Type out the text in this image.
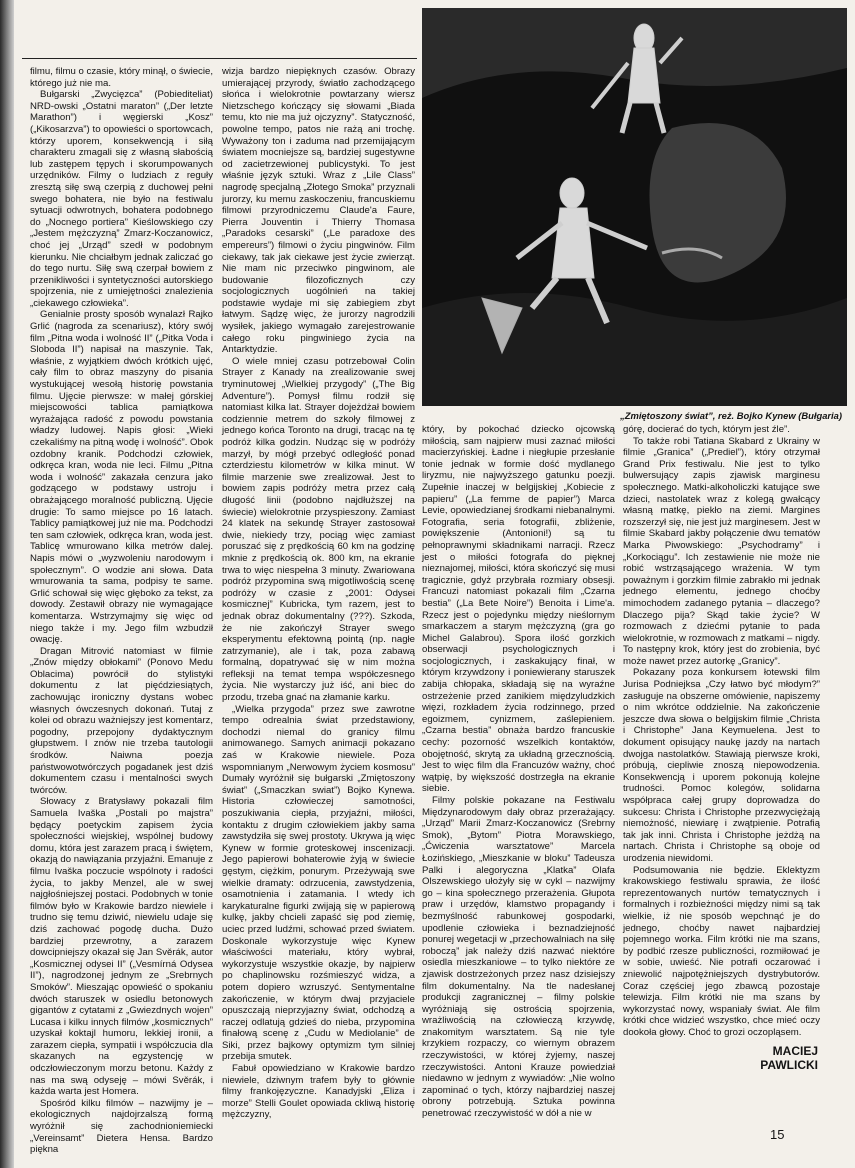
filmu, filmu o czasie, który minął, o świecie, którego już nie ma.

Bułgarski „Zwycięzca” (Pobiediteliat) NRD-owski „Ostatni maraton” („Der letzte Marathon”) i węgierski „Kosz” („Kikosarzva”) to opowieści o sportowcach, którzy uporem, konsekwencją i siłą charakteru zmagali się z własną słabością lub zastępem tępych i skorumpowanych urzędników. Filmy o ludziach z reguły zresztą siłę swą czerpią z duchowej pełni swego bohatera, nie było na festiwalu sytuacji odwrotnych, bohatera podobnego do „Nocnego portiera” Kieślowskiego czy „Jestem mężczyzną” Zmarz-Koczanowicz, choć jej „Urząd” szedł w podobnym kierunku. Nie chciałbym jednak zaliczać go do tego nurtu. Siłę swą czerpał bowiem z przenikliwości i syntetyczności autorskiego spojrzenia, nie z umiejętności znalezienia „ciekawego człowieka”.

Genialnie prosty sposób wynalazł Rajko Grlić (nagroda za scenariusz), który swój film „Pitna woda i wolność II” („Pitka Voda i Sloboda II”) napisał na maszynie. Tak, właśnie, z wyjątkiem dwóch krótkich ujęć, cały film to obraz maszyny do pisania wystukującej wesołą historię powstania filmu. Ujęcie pierwsze: w małej górskiej miejscowości tablica pamiątkowa wyrażająca radość z powodu powstania władzy ludowej. Napis głosi: „Wieki czekaliśmy na pitną wodę i wolność”. Obok ozdobny kranik. Podchodzi człowiek, odkręca kran, woda nie leci. Filmu „Pitna woda i wolność” zakazała cenzura jako godzącego w podstawy ustroju i obrażającego moralność publiczną. Ujęcie drugie: To samo miejsce po 16 latach. Tablicy pamiątkowej już nie ma. Podchodzi ten sam człowiek, odkręca kran, woda jest. Tablicę wmurowano kilka metrów dalej. Napis mówi o „wyzwoleniu narodowym i społecznym”. O wodzie ani słowa. Data wmurowania ta sama, podpisy te same. Grlić schował się więc głęboko za tekst, za dowody. Zestawił obrazy nie wymagające komentarza. Wstrzymajmy się więc od niego także i my. Jego film wzbudził owację.

Dragan Mitrović natomiast w filmie „Znów między obłokami” (Ponovo Medu Oblacima) powrócił do stylistyki dokumentu z lat pięćdziesiątych, zachowując ironiczny dystans wobec własnych ówczesnych dokonań. Tutaj z kolei od obrazu ważniejszy jest komentarz, pogodny, przepojony dydaktycznym głupstwem. I znów nie trzeba tautologii środków. Naiwna poezja państwowotwórczych pogadanek jest dziś dokumentem czasu i mentalności swych twórców.

Słowacy z Bratysławy pokazali film Samuela Ivaška „Postali po majstra” będący poetyckim zapisem życia społeczności wiejskiej, wspólnej budowy domu, która jest zarazem pracą i świętem, okazją do nawiązania przyjaźni. Emanuje z filmu Ivaška poczucie wspólnoty i radości życia, to jakby Menzel, ale w swej najgłośniejszej postaci. Podobnych w tonie filmów było w Krakowie bardzo niewiele i trudno się temu dziwić, niewielu udaje się dziś zachować pogodę ducha. Dużo bardziej przewrotny, a zarazem dowcipniejszy okazał się Jan Svěrák, autor „Kosmicznej odysei II” („Vesmírná Odysea II”), nagrodzonej jednym ze „Srebrnych Smoków”. Mieszając opowieść o spokaniu dwóch staruszek w osiedlu betonowych gigantów z cytatami z „Gwiezdnych wojen” Lucasa i kilku innych filmów „kosmicznych” uzyskał koktajl humoru, lekkiej ironii, a zarazem ciepła, sympatii i współczucia dla skazanych na egzystencję w odczłowieczonym morzu betonu. Każdy z nas ma swą odyseję – mówi Svěrák, i każda warta jest Homera.

Spośród kilku filmów – nazwijmy je – ekologicznych najdojrzalszą formą wyróżnił się zachodnioniemiecki „Vereinsamt” Dietera Hensa. Bardzo piękna

wizja bardzo niepięknych czasów. Obrazy umierającej przyrody, światło zachodzącego słońca i wielokrotnie powtarzany wiersz Nietzschego kończący się słowami „Biada temu, kto nie ma już ojczyzny”. Statyczność, powolne tempo, patos nie rażą ani trochę. Wyważony ton i zaduma nad przemijającym światem mocniejsze są, bardziej sugestywne od zacietrzewionej publicystyki. To jest właśnie język sztuki. Wraz z „Lile Class” nagrodę specjalną „Złotego Smoka” przyznali jurorzy, ku memu zaskoczeniu, francuskiemu filmowi przyrodniczemu Claude'a Faure, Pierra Jouventin i Thierry Thomasa „Paradoks cesarski” („Le paradoxe des empereurs”) filmowi o życiu pingwinów. Film ciekawy, tak jak ciekawe jest życie zwierząt. Nie mam nic przeciwko pingwinom, ale budowanie filozoficznych czy socjologicznych uogólnień na takiej podstawie wydaje mi się zabiegiem zbyt łatwym. Sądzę więc, że jurorzy nagrodzili wysiłek, jakiego wymagało zarejestrowanie całego roku pingwiniego życia na Antarktydzie.

O wiele mniej czasu potrzebował Colin Strayer z Kanady na zrealizowanie swej tryminutowej „Wielkiej przygody” („The Big Adventure”). Pomysł filmu rodził się natomiast kilka lat. Strayer dojeżdżał bowiem codziennie metrem do szkoły filmowej z jednego końca Toronto na drugi, tracąc na tę podróż kilka godzin. Nudząc się w podróży marzył, by mógł przebyć odległość ponad czterdziestu kilometrów w kilka minut. W filmie marzenie swe zrealizował. Jest to bowiem zapis podróży metra przez całą długość linii (podobno najdłuższej na świecie) wielokrotnie przyspieszony. Zamiast 24 klatek na sekundę Strayer zastosował dwie, niekiedy trzy, pociąg więc zamiast poruszać się z prędkością 60 km na godzinę mknie z prędkością ok. 800 km, na ekranie trwa to więc niespełna 3 minuty. Zwariowana podróż przypomina swą migotliwością scenę podróży w czasie z „2001: Odysei kosmicznej” Kubricka, tym razem, jest to jednak obraz dokumentalny (???). Szkoda, że nie zakończył Strayer swego eksperymentu efektowną pointą (np. nagłe zatrzymanie), ale i tak, poza zabawą formalną, dopatrywać się w nim można refleksji na temat tempa współczesnego życia. Nie wystarczy już iść, ani biec do przodu, trzeba gnać na złamanie karku.

„Wielka przygoda” przez swe zawrotne tempo odrealnia świat przedstawiony, dochodzi niemal do granicy filmu animowanego. Samych animacji pokazano zaś w Krakowie niewiele. Poza wspomnianym „Nerwowym życiem kosmosu” Dumały wyróżnił się bułgarski „Zmiętoszony świat” („Smaczkan swiat”) Bojko Kynewa. Historia człowieczej samotności, poszukiwania ciepła, przyjaźni, miłości, kontaktu z drugim człowiekiem jakby sama zawstydziła się swej prostoty. Ukrywa ją więc Kynew w formie groteskowej inscenizacji. Jego papierowi bohaterowie żyją w świecie gęstym, ciężkim, ponurym. Przeżywają swe wielkie dramaty: odrzucenia, zawstydzenia, osamotnienia i zatamania. I wtedy ich karykaturalne figurki zwijają się w papierową kulkę, jakby chcieli zapaść się pod ziemię, uciec przed ludźmi, schować przed światem. Doskonale wykorzystuje więc Kynew właściwości materiału, który wybrał, wykorzystuje wszystkie okazje, by najpierw po chaplinowsku rozśmieszyć widza, a potem dopiero wzruszyć. Sentymentalne zakończenie, w którym dwaj przyjaciele opuszczają nieprzyjazny świat, odchodzą a raczej odlatują gdzieś do nieba, przypomina finałową scenę z „Cudu w Mediolanie” de Siki, przez bajkowy optymizm tym silniej przebija smutek.

Fabuł opowiedziano w Krakowie bardzo niewiele, dziwnym trafem były to głównie filmy frankojęzyczne. Kanadyjski „Eliza i morze” Stelli Goulet opowiada ckliwą historię mężczyzny,

„Zmiętoszony świat”, reż. Bojko Kynew (Bułgaria)

który, by pokochać dziecko ojcowską miłością, sam najpierw musi zaznać miłości macierzyńskiej. Ładne i niegłupie przesłanie tonie jednak w formie dość mydlanego liryzmu, nie najwyższego gatunku poezji. Zupełnie inaczej w belgijskiej „Kobiecie z papieru” („La femme de papier”) Marca Levie, opowiedzianej środkami niebanalnymi. Fotografia, seria fotografii, zbliżenie, powiększenie (Antonioni!) są tu pełnoprawnymi składnikami narracji. Rzecz jest o miłości fotografa do pięknej nieznajomej, miłości, która skończyć się musi tragicznie, gdyż przybrała rozmiary obsesji. Francuzi natomiast pokazali film „Czarna bestia” („La Bete Noire”) Benoita i Lime'a. Rzecz jest o pojedynku między nieślornym smarkaczem a starym mężczyzną (gra go Michel Galabrou). Spora ilość gorzkich obserwacji psychologicznych i socjologicznych, i zaskakujący finał, w którym krzywdzony i poniewierany staruszek zabija chłopaka, składają się na wyraźne ostrzeżenie przed zanikiem międzyludzkich więzi, rozkładem życia rodzinnego, przed egoizmem, cynizmem, zaślepieniem. „Czarna bestia” obnaża bardzo francuskie cechy: pozorność wszelkich kontaktów, obojętność, skrytą za układną grzecznością. Jest to więc film dla Francuzów ważny, choć wątpię, by większość dostrzegła na ekranie siebie.

Filmy polskie pokazane na Festiwalu Międzynarodowym dały obraz przerażający. „Urząd” Marii Zmarz-Koczanowicz (Srebrny Smok), „Bytom” Piotra Morawskiego, „Ćwiczenia warsztatowe” Marcela Łozińskiego, „Mieszkanie w bloku” Tadeusza Palki i alegoryczna „Klatka” Olafa Olszewskiego ułożyły się w cykl – nazwijmy go – kina społecznego przerażenia. Głupota praw i urzędów, klamstwo propagandy i bezmyślność rabunkowej gospodarki, upodlenie człowieka i beznadziejność ponurej wegetacji w „przechowalniach na siłę roboczą” jak należy dziś nazwać niektóre osiedla mieszkaniowe – to tylko niektóre ze zjawisk dostrzeżonych przez nasz dzisiejszy film dokumentalny. Na tle nadesłanej produkcji zagranicznej – filmy polskie wyróżniają się ostrością spojrzenia, wrażliwością na człowieczą krzywdę, znakomitym warsztatem. Są nie tyle krzykiem rozpaczy, co wiernym obrazem rzeczywistości, w której żyjemy, naszej rzeczywistości. Antoni Krauze powiedział niedawno w jednym z wywiadów: „Nie wolno zapominać o tych, którzy najbardziej naszej obrony potrzebują. Sztuka powinna penetrować rzeczywistość w dół a nie w

górę, docierać do tych, którym jest źle”.

To także robi Tatiana Skabard z Ukrainy w filmie „Granica” („Prediel”), który otrzymał Grand Prix festiwalu. Nie jest to tylko bulwersujący zapis zjawisk marginesu społecznego. Matki-alkoholiczki katujące swe dzieci, nastolatek wraz z kolegą gwałcący własną matkę, piekło na ziemi. Margines rozszerzył się, nie jest już marginesem. Jest w filmie Skabard jakby połączenie dwu tematów Marka Piwowskiego: „Psychodramy” i „Korkociągu”. Ich zestawienie nie może nie robić wstrząsającego wrażenia. W tym poważnym i gorzkim filmie zabrakło mi jednak jednego elementu, jednego choćby mimochodem zadanego pytania – dlaczego? Dlaczego pija? Skąd takie życie? W rozmowach z dziećmi pytanie to pada wielokrotnie, w rozmowach z matkami – nigdy. To następny krok, który jest do zrobienia, być może nawet przez autorkę „Granicy”.

Pokazany poza konkursem łotewski film Jurisa Podniejksa „Czy łatwo być młodym?” zasługuje na obszerne omówienie, napiszemy o nim wkrótce oddzielnie. Na zakończenie jeszcze dwa słowa o belgijskim filmie „Christa i Christophe” Jana Keymuelena. Jest to dokument opisujący naukę jazdy na nartach dwojga nastolatków. Stawiają pierwsze kroki, próbują, ciepliwie znoszą niepowodzenia. Konsekwencją i uporem pokonują kolejne trudności. Pomoc kolegów, solidarna współpraca całej grupy doprowadza do sukcesu: Christa i Christophe przezwyciężają niemożność, niewiarę i zwątpienie. Potrafią tak jak inni. Christa i Christophe jeżdżą na nartach. Christa i Christophe są oboje od urodzenia niewidomi.

Podsumowania nie będzie. Eklektyzm krakowskiego festiwalu sprawia, że ilość reprezentowanych nurtów tematycznych i formalnych i rozbieżności między nimi są tak wielkie, iż nie sposób wepchnąć je do jednego, choćby nawet najbardziej pojemnego worka. Film krótki nie ma szans, by podbić rzesze publiczności, rozmiłować je w sobie, uwieść. Nie potrafi oczarować i zniewolić najpotężniejszych dystrybutorów. Coraz częściej jego zbawcą pozostaje telewizja. Film krótki nie ma szans by wykorzystać nowy, wspaniały świat. Ale film krótki chce widzieć wszystko, chce mieć oczy dookoła głowy. Choć to grozi oczopląsem.

MACIEJ
PAWLICKI
15
